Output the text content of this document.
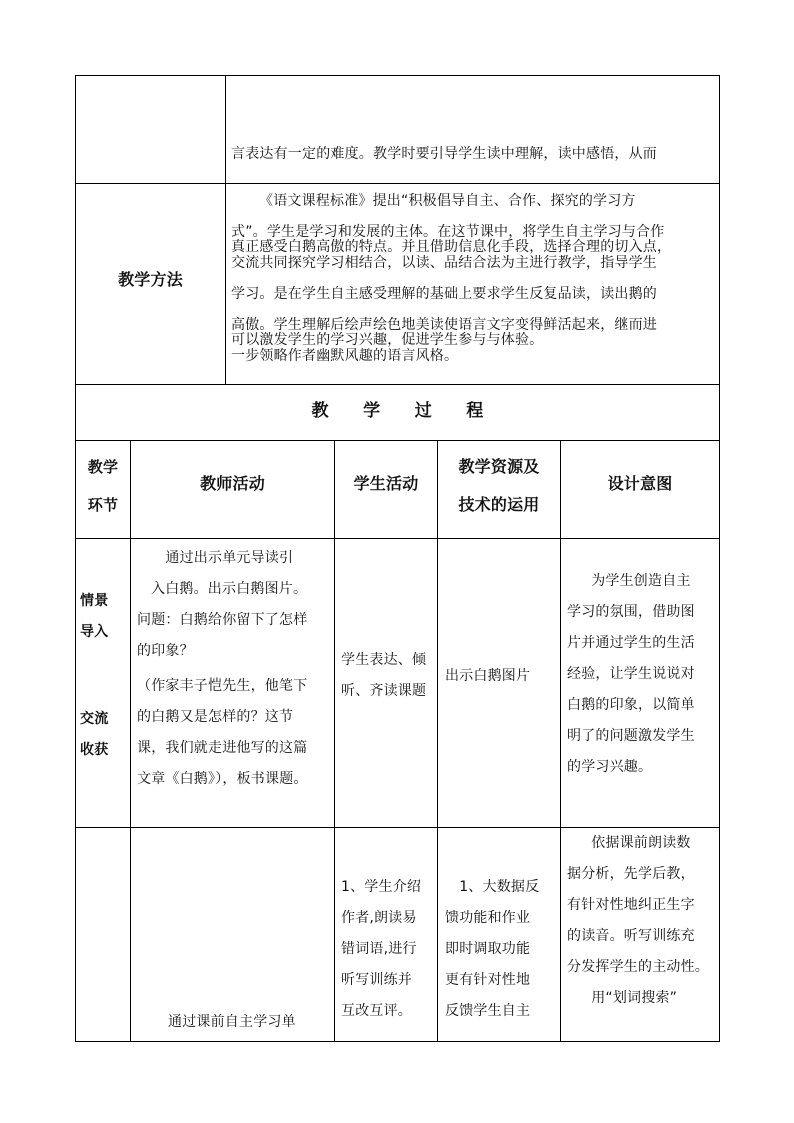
言表达有一定的难度。教学时要引导学生读中理解，读中感悟，从而

真正感受白鹅高傲的特点。并且借助信息化手段，选择合理的切入点，

可以激发学生的学习兴趣，促进学生参与与体验。

教学方法
《语文课程标准》提出“积极倡导自主、合作、探究的学习方
式”。学生是学习和发展的主体。在这节课中，将学生自主学习与合作
交流共同探究学习相结合，以读、品结合法为主进行教学，指导学生
学习。是在学生自主感受理解的基础上要求学生反复品读，读出鹅的
高傲。学生理解后绘声绘色地美读使语言文字变得鲜活起来，继而进
一步领略作者幽默风趣的语言风格。
教　　学　　过　　程
教学
环节
教师活动	学生活动
教学资源及
技术的运用
设计意图
情景
导入
交流
收获
　　通过出示单元导读引
入白鹅。出示白鹅图片。
问题：白鹅给你留下了怎样
的印象？
（作家丰子恺先生，他笔下
的白鹅又是怎样的？这节
课，我们就走进他写的这篇
文章《白鹅》），板书课题。
学生表达、倾
听、齐读课题
出示白鹅图片
　为学生创造自主
学习的氛围，借助图
片并通过学生的生活
经验，让学生说说对
白鹅的印象，以简单
明了的问题激发学生
的学习兴趣。
通过课前自主学习单
1、学生介绍
作者,朗读易
错词语,进行
听写训练并
互改互评。
　1、大数据反
馈功能和作业
即时调取功能
更有针对性地
反馈学生自主
　依据课前朗读数
据分析，先学后教，
有针对性地纠正生字
的读音。听写训练充
分发挥学生的主动性。
　用“划词搜索”
